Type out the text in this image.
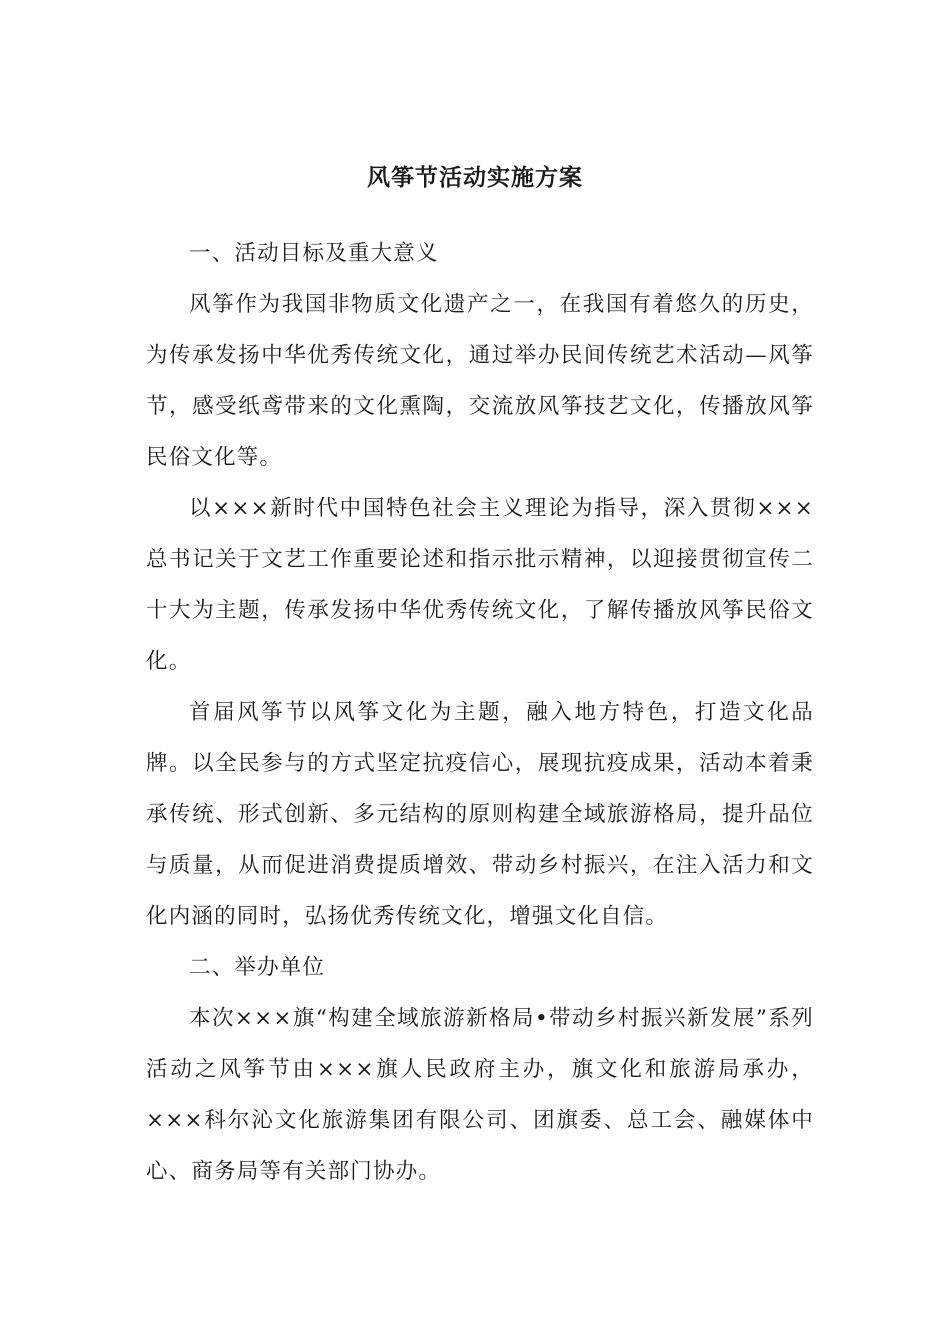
风筝节活动实施方案
一、活动目标及重大意义

风筝作为我国非物质文化遗产之一，在我国有着悠久的历史，为传承发扬中华优秀传统文化，通过举办民间传统艺术活动—风筝节，感受纸鸢带来的文化熏陶，交流放风筝技艺文化，传播放风筝民俗文化等。

以×××新时代中国特色社会主义理论为指导，深入贯彻×××总书记关于文艺工作重要论述和指示批示精神，以迎接贯彻宣传二十大为主题，传承发扬中华优秀传统文化，了解传播放风筝民俗文化。

首届风筝节以风筝文化为主题，融入地方特色，打造文化品牌。以全民参与的方式坚定抗疫信心，展现抗疫成果，活动本着秉承传统、形式创新、多元结构的原则构建全域旅游格局，提升品位与质量，从而促进消费提质增效、带动乡村振兴，在注入活力和文化内涵的同时，弘扬优秀传统文化，增强文化自信。

二、举办单位

本次×××旗“构建全域旅游新格局•带动乡村振兴新发展”系列活动之风筝节由×××旗人民政府主办，旗文化和旅游局承办，×××科尔沁文化旅游集团有限公司、团旗委、总工会、融媒体中心、商务局等有关部门协办。
